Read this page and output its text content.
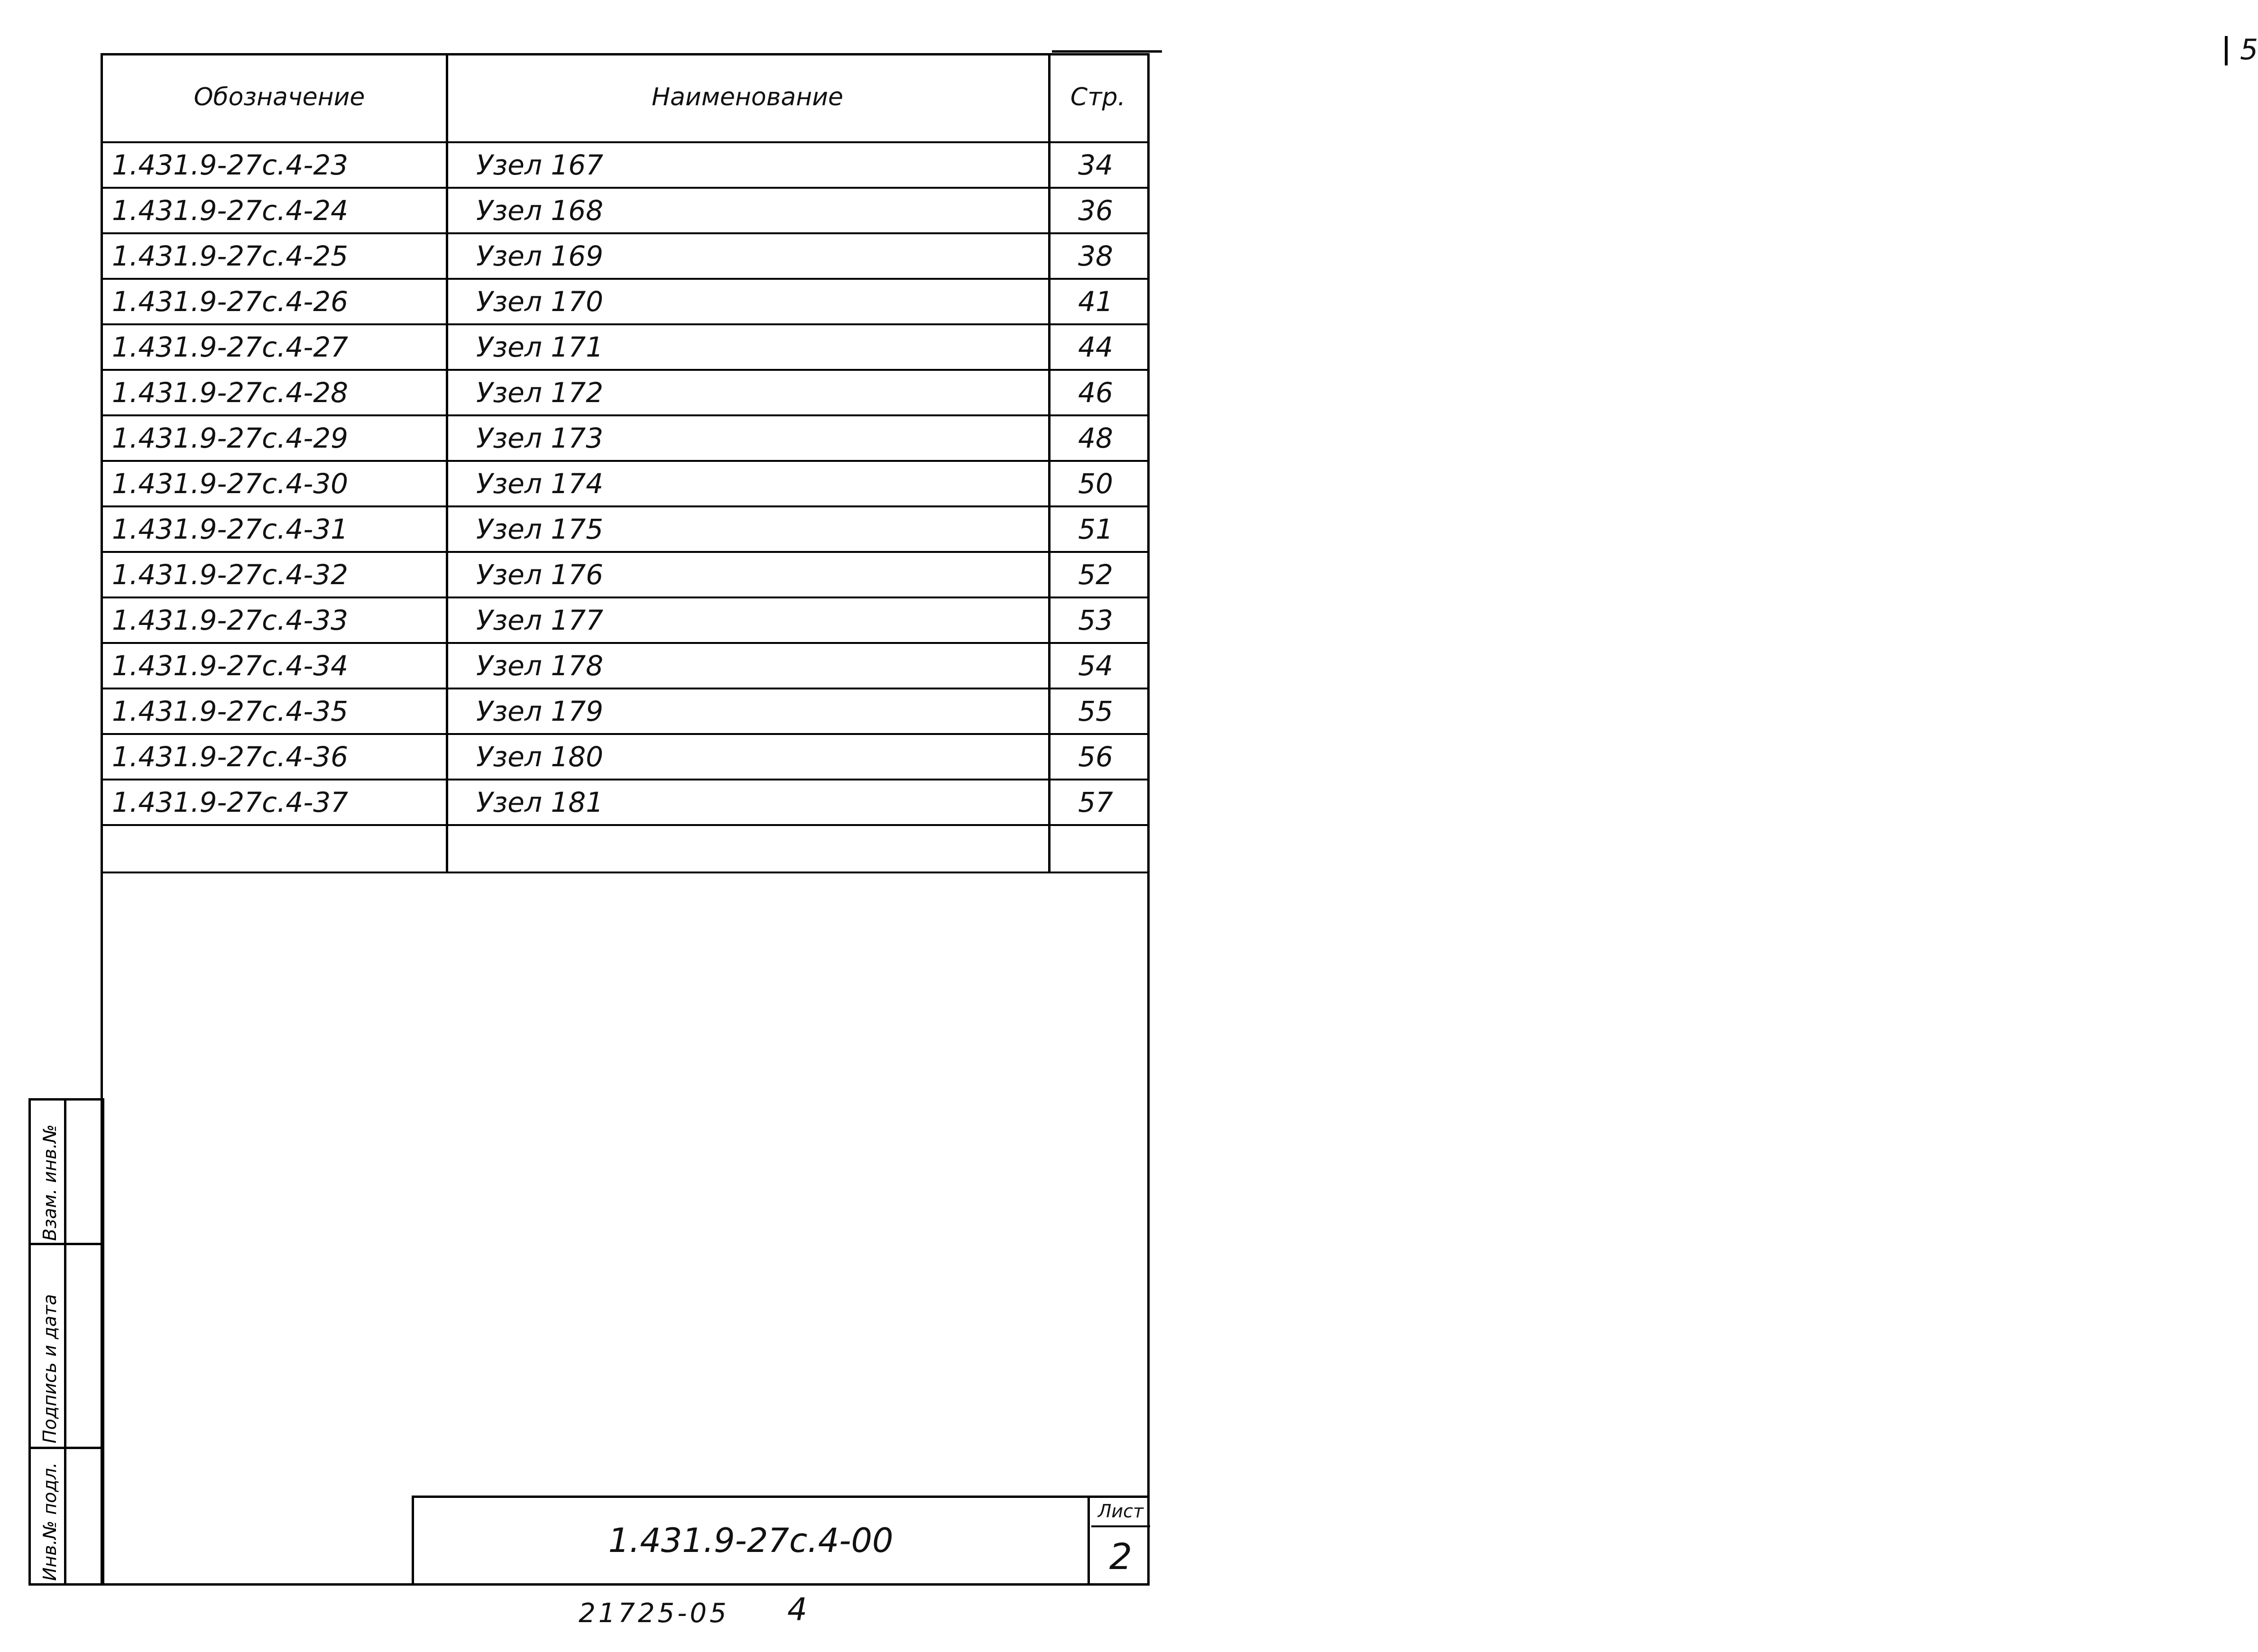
5
Обозначение	Наименование	Стр.
1.431.9-27с.4-23	Узел 167	34
1.431.9-27с.4-24	Узел 168	36
1.431.9-27с.4-25	Узел 169	38
1.431.9-27с.4-26	Узел 170	41
1.431.9-27с.4-27	Узел 171	44
1.431.9-27с.4-28	Узел 172	46
1.431.9-27с.4-29	Узел 173	48
1.431.9-27с.4-30	Узел 174	50
1.431.9-27с.4-31	Узел 175	51
1.431.9-27с.4-32	Узел 176	52
1.431.9-27с.4-33	Узел 177	53
1.431.9-27с.4-34	Узел 178	54
1.431.9-27с.4-35	Узел 179	55
1.431.9-27с.4-36	Узел 180	56
1.431.9-27с.4-37	Узел 181	57
Взам. инв.№
Подпись и дата
Инв.№ подл.	1.431.9-27с.4-00
Лист
2
21725-05 4
